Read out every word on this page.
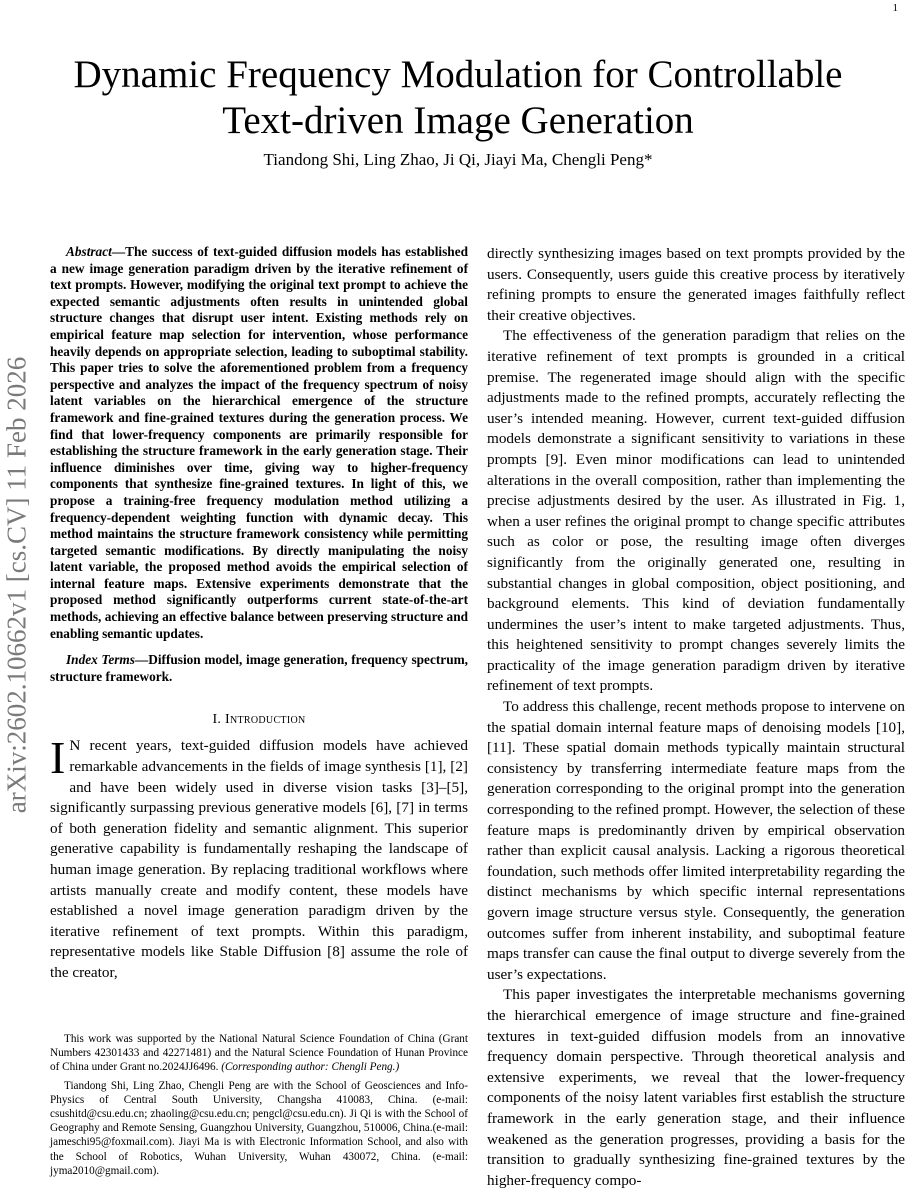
1
arXiv:2602.10662v1 [cs.CV] 11 Feb 2026
Dynamic Frequency Modulation for Controllable
Text-driven Image Generation
Tiandong Shi, Ling Zhao, Ji Qi, Jiayi Ma, Chengli Peng*

Abstract—The success of text-guided diffusion models has established a new image generation paradigm driven by the iterative refinement of text prompts. However, modifying the original text prompt to achieve the expected semantic adjustments often results in unintended global structure changes that disrupt user intent. Existing methods rely on empirical feature map selection for intervention, whose performance heavily depends on appropriate selection, leading to suboptimal stability. This paper tries to solve the aforementioned problem from a frequency perspective and analyzes the impact of the frequency spectrum of noisy latent variables on the hierarchical emergence of the structure framework and fine-grained textures during the generation process. We find that lower-frequency components are primarily responsible for establishing the structure framework in the early generation stage. Their influence diminishes over time, giving way to higher-frequency components that synthesize fine-grained textures. In light of this, we propose a training-free frequency modulation method utilizing a frequency-dependent weighting function with dynamic decay. This method maintains the structure framework consistency while permitting targeted semantic modifications. By directly manipulating the noisy latent variable, the proposed method avoids the empirical selection of internal feature maps. Extensive experiments demonstrate that the proposed method significantly outperforms current state-of-the-art methods, achieving an effective balance between preserving structure and enabling semantic updates.

Index Terms—Diffusion model, image generation, frequency spectrum, structure framework.

I. Introduction

I N recent years, text-guided diffusion models have achieved remarkable advancements in the fields of image synthesis [1], [2] and have been widely used in diverse vision tasks [3]–[5], significantly surpassing previous generative models [6], [7] in terms of both generation fidelity and semantic alignment. This superior generative capability is fundamentally reshaping the landscape of human image generation. By replacing traditional workflows where artists manually create and modify content, these models have established a novel image generation paradigm driven by the iterative refinement of text prompts. Within this paradigm, representative models like Stable Diffusion [8] assume the role of the creator,

This work was supported by the National Natural Science Foundation of China (Grant Numbers 42301433 and 42271481) and the Natural Science Foundation of Hunan Province of China under Grant no.2024JJ6496. (Corresponding author: Chengli Peng.)

Tiandong Shi, Ling Zhao, Chengli Peng are with the School of Geosciences and Info-Physics of Central South University, Changsha 410083, China. (e-mail: csushitd@csu.edu.cn; zhaoling@csu.edu.cn; pengcl@csu.edu.cn). Ji Qi is with the School of Geography and Remote Sensing, Guangzhou University, Guangzhou, 510006, China.(e-mail: jameschi95@foxmail.com). Jiayi Ma is with Electronic Information School, and also with the School of Robotics, Wuhan University, Wuhan 430072, China. (e-mail: jyma2010@gmail.com).

directly synthesizing images based on text prompts provided by the users. Consequently, users guide this creative process by iteratively refining prompts to ensure the generated images faithfully reflect their creative objectives.

The effectiveness of the generation paradigm that relies on the iterative refinement of text prompts is grounded in a critical premise. The regenerated image should align with the specific adjustments made to the refined prompts, accurately reflecting the user’s intended meaning. However, current text-guided diffusion models demonstrate a significant sensitivity to variations in these prompts [9]. Even minor modifications can lead to unintended alterations in the overall composition, rather than implementing the precise adjustments desired by the user. As illustrated in Fig. 1, when a user refines the original prompt to change specific attributes such as color or pose, the resulting image often diverges significantly from the originally generated one, resulting in substantial changes in global composition, object positioning, and background elements. This kind of deviation fundamentally undermines the user’s intent to make targeted adjustments. Thus, this heightened sensitivity to prompt changes severely limits the practicality of the image generation paradigm driven by iterative refinement of text prompts.

To address this challenge, recent methods propose to intervene on the spatial domain internal feature maps of denoising models [10], [11]. These spatial domain methods typically maintain structural consistency by transferring intermediate feature maps from the generation corresponding to the original prompt into the generation corresponding to the refined prompt. However, the selection of these feature maps is predominantly driven by empirical observation rather than explicit causal analysis. Lacking a rigorous theoretical foundation, such methods offer limited interpretability regarding the distinct mechanisms by which specific internal representations govern image structure versus style. Consequently, the generation outcomes suffer from inherent instability, and suboptimal feature maps transfer can cause the final output to diverge severely from the user’s expectations.

This paper investigates the interpretable mechanisms governing the hierarchical emergence of image structure and fine-grained textures in text-guided diffusion models from an innovative frequency domain perspective. Through theoretical analysis and extensive experiments, we reveal that the lower-frequency components of the noisy latent variables first establish the structure framework in the early generation stage, and their influence weakened as the generation progresses, providing a basis for the transition to gradually synthesizing fine-grained textures by the higher-frequency compo-
